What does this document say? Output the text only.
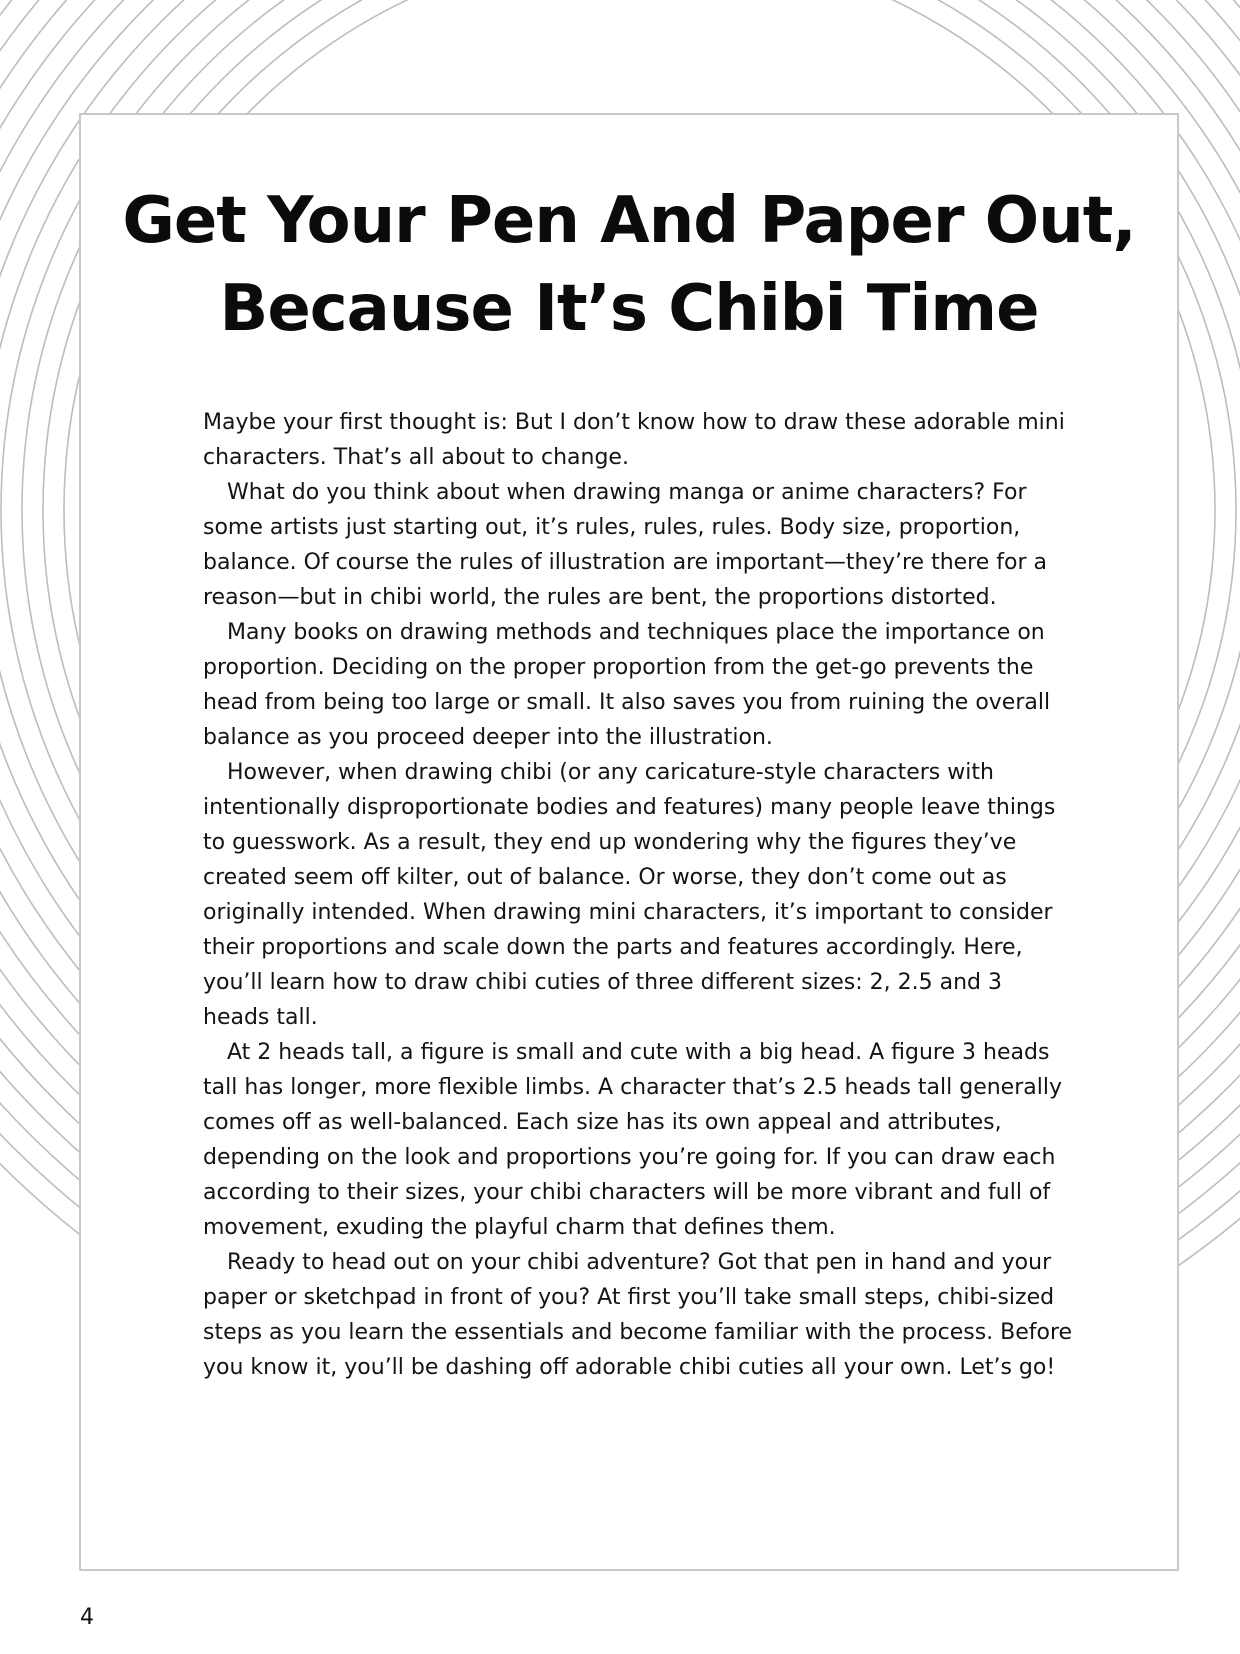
Get Your Pen And Paper Out,
Because It’s Chibi Time

Maybe your first thought is: But I don’t know how to draw these adorable mini characters. That’s all about to change.

What do you think about when drawing manga or anime characters? For some artists just starting out, it’s rules, rules, rules. Body size, proportion, balance. Of course the rules of illustration are important—they’re there for a reason—but in chibi world, the rules are bent, the proportions distorted.

Many books on drawing methods and techniques place the importance on proportion. Deciding on the proper proportion from the get-go prevents the head from being too large or small. It also saves you from ruining the overall balance as you proceed deeper into the illustration.

However, when drawing chibi (or any caricature-style characters with intentionally disproportionate bodies and features) many people leave things to guesswork. As a result, they end up wondering why the figures they’ve created seem off kilter, out of balance. Or worse, they don’t come out as originally intended. When drawing mini characters, it’s important to consider their proportions and scale down the parts and features accordingly. Here, you’ll learn how to draw chibi cuties of three different sizes: 2, 2.5 and 3 heads tall.

At 2 heads tall, a figure is small and cute with a big head. A figure 3 heads tall has longer, more flexible limbs. A character that’s 2.5 heads tall generally comes off as well-balanced. Each size has its own appeal and attributes, depending on the look and proportions you’re going for. If you can draw each according to their sizes, your chibi characters will be more vibrant and full of movement, exuding the playful charm that defines them.

Ready to head out on your chibi adventure? Got that pen in hand and your paper or sketchpad in front of you? At first you’ll take small steps, chibi-sized steps as you learn the essentials and become familiar with the process. Before you know it, you’ll be dashing off adorable chibi cuties all your own. Let’s go!

4
